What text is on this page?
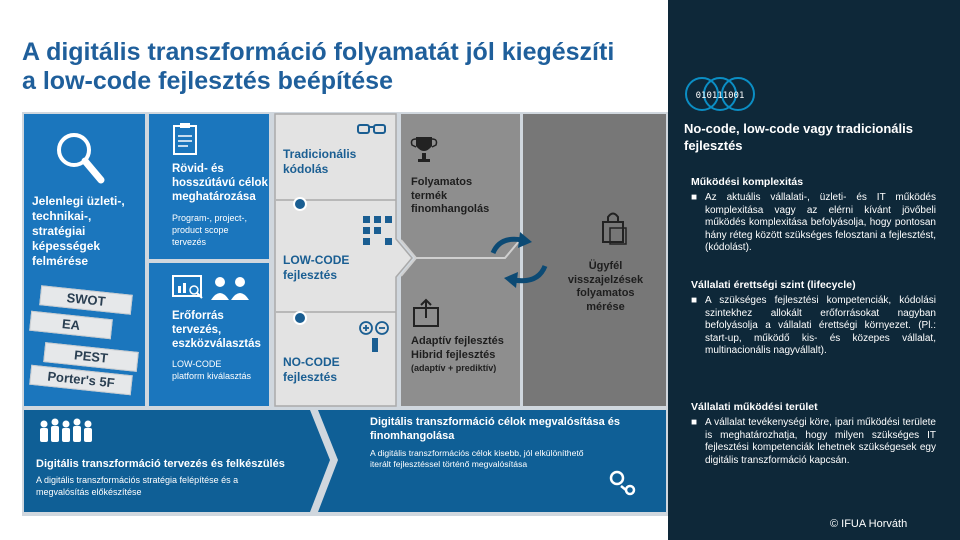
A digitális transzformáció folyamatát jól kiegészíti
a low-code fejlesztés beépítése
Jelenlegi üzleti-,
technikai-,
stratégiai
képességek
felmérése
SWOT
EA
PEST
Porter's 5F
Rövid- és
hosszútávú célok
meghatározása
Program-, project-,
product scope
tervezés
Erőforrás
tervezés,
eszközválasztás
LOW-CODE
platform kiválasztás
Tradicionális
kódolás
LOW-CODE
fejlesztés
NO-CODE
fejlesztés
Folyamatos
termék
finomhangolás
Adaptív fejlesztés
Hibrid fejlesztés
(adaptív + prediktív)
Ügyfél
visszajelzések
folyamatos
mérése
Digitális transzformáció tervezés és felkészülés
A digitális transzformációs stratégia felépítése és a
megvalósítás előkészítése
Digitális transzformáció célok megvalósítása és
finomhangolása
A digitális transzformációs célok kisebb, jól elkülöníthető
iterált fejlesztéssel történő megvalósítása
010111001
No-code, low-code vagy tradicionális
fejlesztés
Működési komplexitás
■ Az aktuális vállalati-, üzleti- és IT működés komplexitása vagy az elérni kívánt jövőbeli működés komplexitása befolyásolja, hogy pontosan hány réteg között szükséges felosztani a fejlesztést, (kódolást).
Vállalati érettségi szint (lifecycle)
■ A szükséges fejlesztési kompetenciák, kódolási szintekhez allokált erőforrásokat nagyban befolyásolja a vállalati érettségi környezet. (Pl.: start-up, működő kis- és közepes vállalat, multinacionális nagyvállalt).
Vállalati működési terület
■ A vállalat tevékenységi köre, ipari működési területe is meghatározhatja, hogy milyen szükséges IT fejlesztési kompetenciák lehetnek szükségesek egy digitális transzformáció kapcsán.
© IFUA Horváth
